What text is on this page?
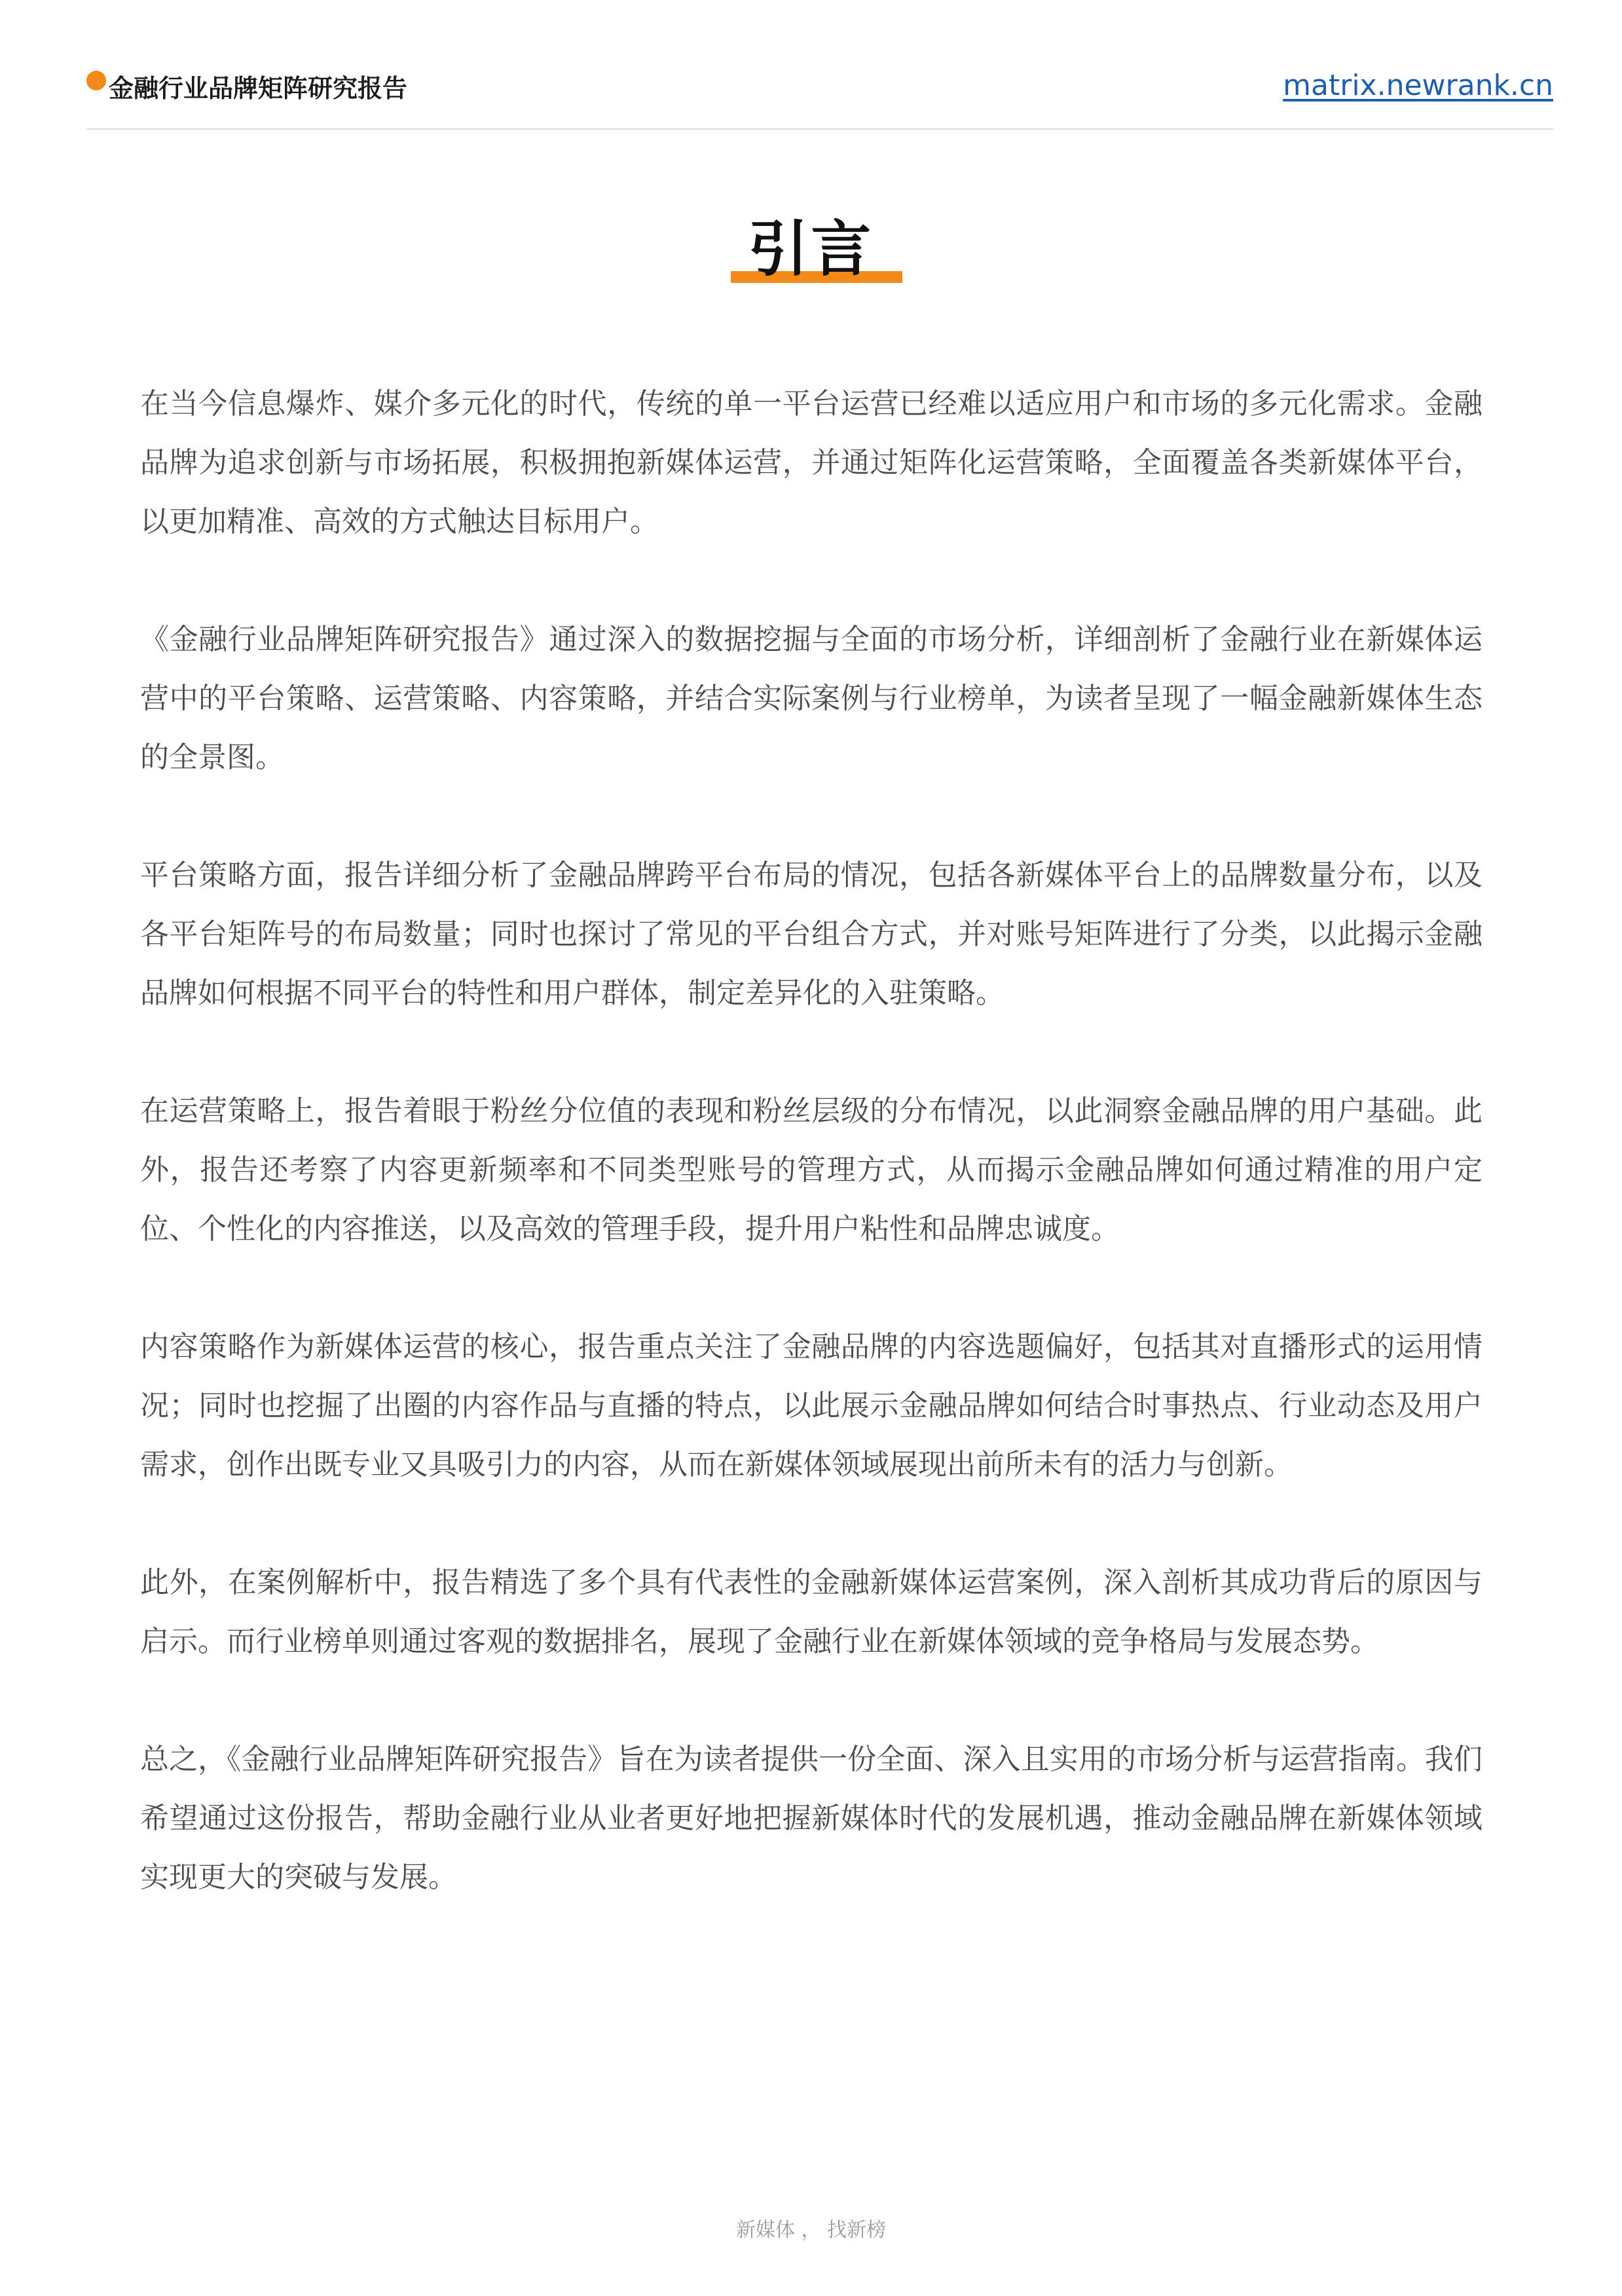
金融行业品牌矩阵研究报告	matrix.newrank.cn
引言

在当今信息爆炸、媒介多元化的时代，传统的单一平台运营已经难以适应用户和市场的多元化需求。金融品牌为追求创新与市场拓展，积极拥抱新媒体运营，并通过矩阵化运营策略，全面覆盖各类新媒体平台，以更加精准、高效的方式触达目标用户。

《金融行业品牌矩阵研究报告》通过深入的数据挖掘与全面的市场分析，详细剖析了金融行业在新媒体运营中的平台策略、运营策略、内容策略，并结合实际案例与行业榜单，为读者呈现了一幅金融新媒体生态的全景图。

平台策略方面，报告详细分析了金融品牌跨平台布局的情况，包括各新媒体平台上的品牌数量分布，以及各平台矩阵号的布局数量；同时也探讨了常见的平台组合方式，并对账号矩阵进行了分类，以此揭示金融品牌如何根据不同平台的特性和用户群体，制定差异化的入驻策略。

在运营策略上，报告着眼于粉丝分位值的表现和粉丝层级的分布情况，以此洞察金融品牌的用户基础。此外，报告还考察了内容更新频率和不同类型账号的管理方式，从而揭示金融品牌如何通过精准的用户定位、个性化的内容推送，以及高效的管理手段，提升用户粘性和品牌忠诚度。

内容策略作为新媒体运营的核心，报告重点关注了金融品牌的内容选题偏好，包括其对直播形式的运用情况；同时也挖掘了出圈的内容作品与直播的特点，以此展示金融品牌如何结合时事热点、行业动态及用户需求，创作出既专业又具吸引力的内容，从而在新媒体领域展现出前所未有的活力与创新。

此外，在案例解析中，报告精选了多个具有代表性的金融新媒体运营案例，深入剖析其成功背后的原因与启示。而行业榜单则通过客观的数据排名，展现了金融行业在新媒体领域的竞争格局与发展态势。

总之，《金融行业品牌矩阵研究报告》旨在为读者提供一份全面、深入且实用的市场分析与运营指南。我们希望通过这份报告，帮助金融行业从业者更好地把握新媒体时代的发展机遇，推动金融品牌在新媒体领域实现更大的突破与发展。

新媒体 ， 找新榜
